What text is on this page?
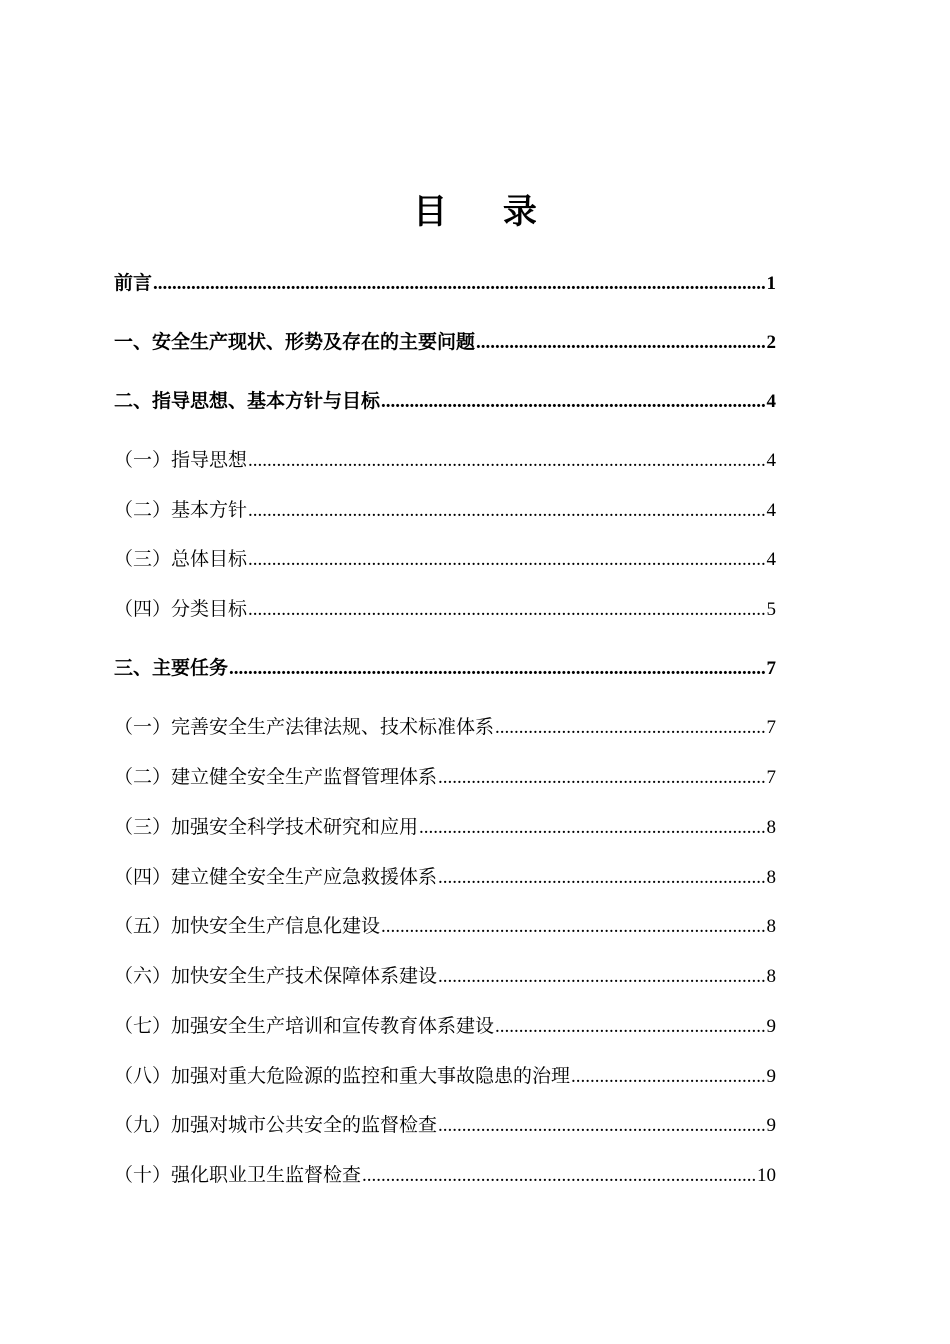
目 录
前言 .....	1
一、安全生产现状、形势及存在的主要问题 .....	2
二、指导思想、基本方针与目标 .....	4
（一）指导思想 .....	4
（二）基本方针 .....	4
（三）总体目标 .....	4
（四）分类目标 .....	5
三、主要任务 .....	7
（一）完善安全生产法律法规、技术标准体系 .....	7
（二）建立健全安全生产监督管理体系 .....	7
（三）加强安全科学技术研究和应用 .....	8
（四）建立健全安全生产应急救援体系 .....	8
（五）加快安全生产信息化建设 .....	8
（六）加快安全生产技术保障体系建设 .....	8
（七）加强安全生产培训和宣传教育体系建设 .....	9
（八）加强对重大危险源的监控和重大事故隐患的治理 .....	9
（九）加强对城市公共安全的监督检查 .....	9
（十）强化职业卫生监督检查 .....	10
